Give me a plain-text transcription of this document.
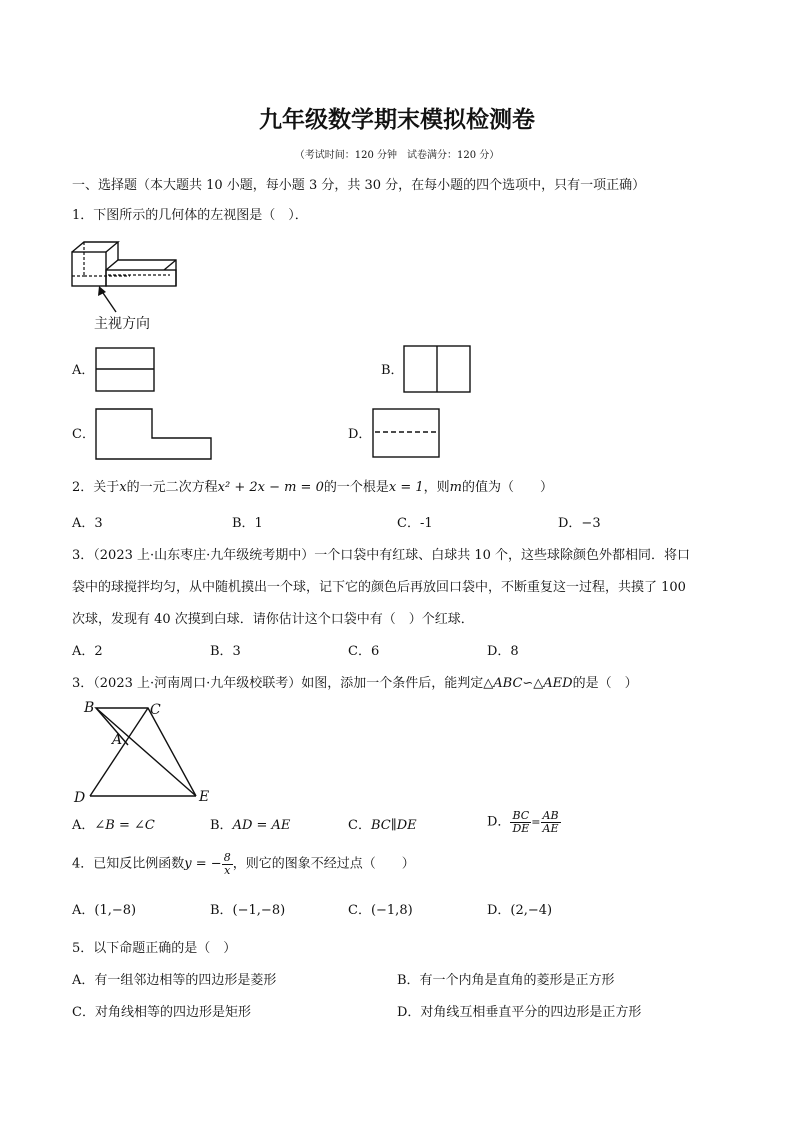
九年级数学期末模拟检测卷
（考试时间：120 分钟　试卷满分：120 分）
一、选择题（本大题共 10 小题，每小题 3 分，共 30 分，在每小题的四个选项中，只有一项正确）
1．下图所示的几何体的左视图是（　）．
主视方向
A．	B．
C．	D．
2．关于x的一元二次方程x² + 2x − m = 0的一个根是x = 1，则m的值为（　　）
A．3	B．1	C．-1	D．−3
3．（2023 上·山东枣庄·九年级统考期中）一个口袋中有红球、白球共 10 个，这些球除颜色外都相同．将口
袋中的球搅拌均匀，从中随机摸出一个球，记下它的颜色后再放回口袋中，不断重复这一过程，共摸了 100
次球，发现有 40 次摸到白球．请你估计这个口袋中有（　）个红球．
A．2	B．3	C．6	D．8
3．（2023 上·河南周口·九年级校联考）如图，添加一个条件后，能判定△ABC∽△AED的是（　）
B	C
A
D	E
A．∠B = ∠C	B．AD = AE	C．BC∥DE	D． $\frac{BC}{DE} = \frac{AB}{AE}$
4．已知反比例函数y = − $\frac{8}{x}$ ，则它的图象不经过点（　　）
A．(1,−8)	B．(−1,−8)	C．(−1,8)	D．(2,−4)
5．以下命题正确的是（　）
A．有一组邻边相等的四边形是菱形	B．有一个内角是直角的菱形是正方形
C．对角线相等的四边形是矩形	D．对角线互相垂直平分的四边形是正方形
